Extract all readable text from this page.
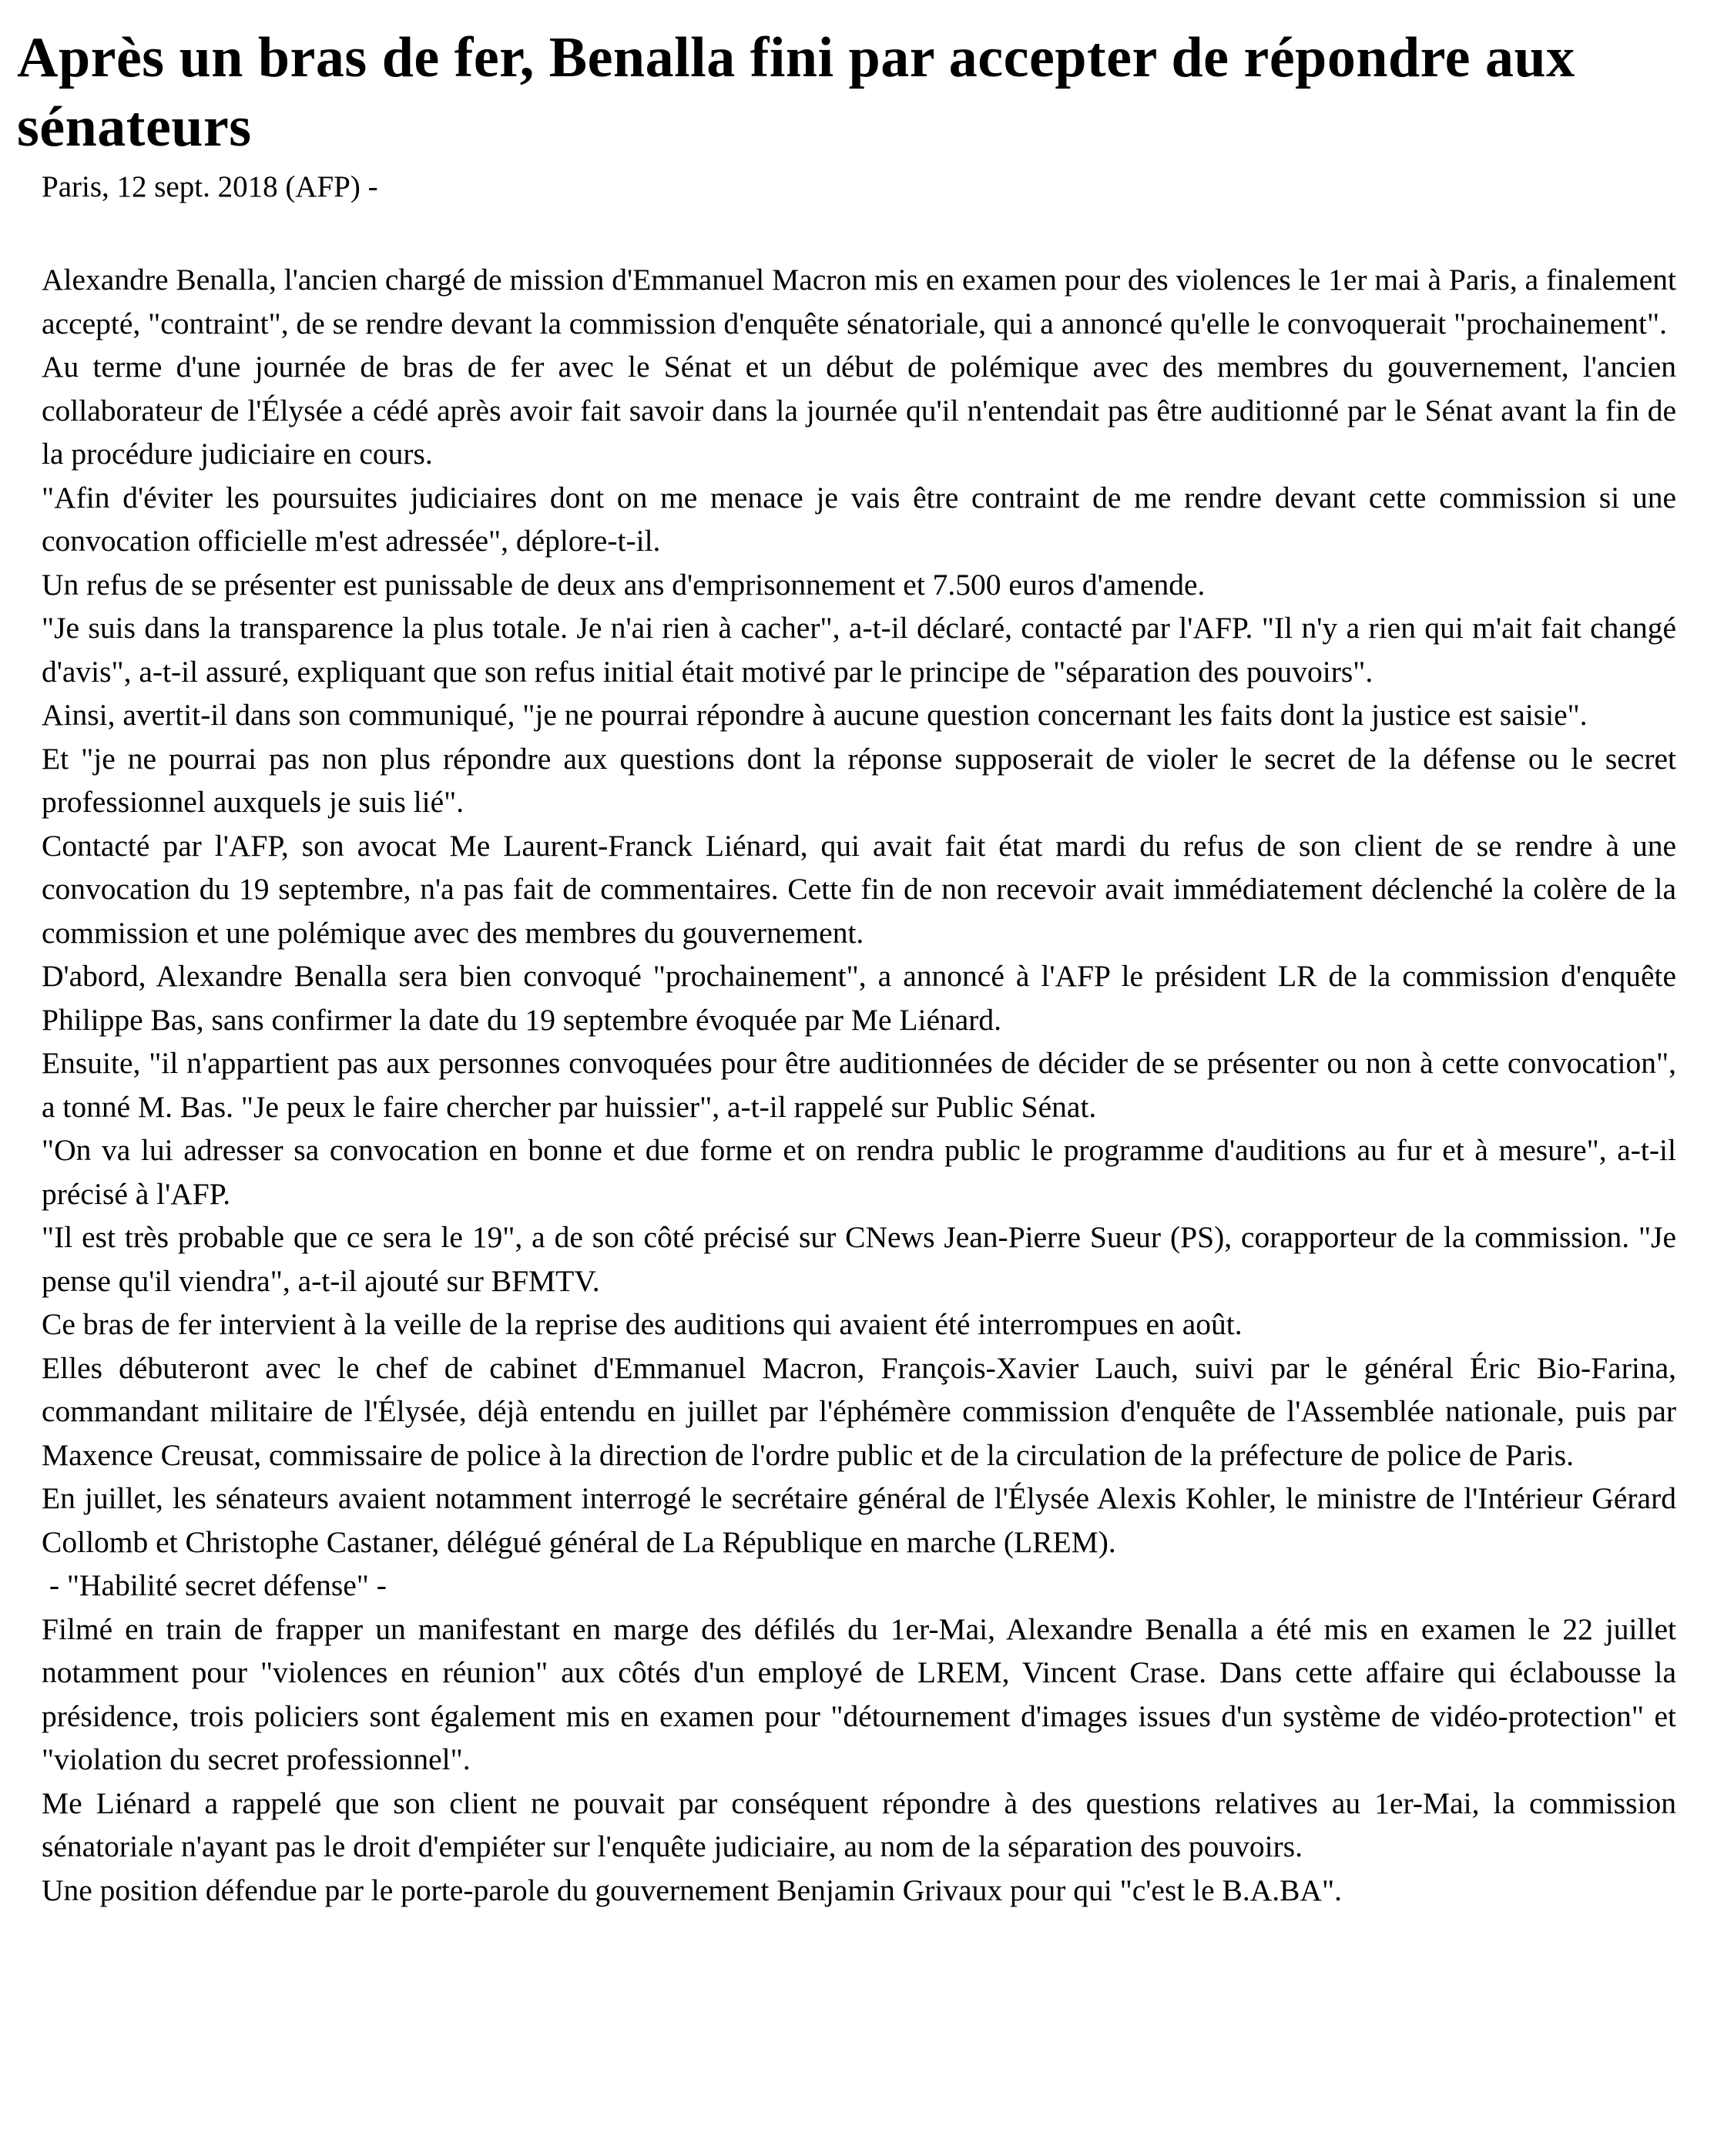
Après un bras de fer, Benalla fini par accepter de répondre aux sénateurs

Paris, 12 sept. 2018 (AFP) -

Alexandre Benalla, l'ancien chargé de mission d'Emmanuel Macron mis en examen pour des violences le 1er mai à Paris, a finalement accepté, "contraint", de se rendre devant la commission d'enquête sénatoriale, qui a annoncé qu'elle le convoquerait "prochainement".

Au terme d'une journée de bras de fer avec le Sénat et un début de polémique avec des membres du gouvernement, l'ancien collaborateur de l'Élysée a cédé après avoir fait savoir dans la journée qu'il n'entendait pas être auditionné par le Sénat avant la fin de la procédure judiciaire en cours.

"Afin d'éviter les poursuites judiciaires dont on me menace je vais être contraint de me rendre devant cette commission si une convocation officielle m'est adressée", déplore-t-il.

Un refus de se présenter est punissable de deux ans d'emprisonnement et 7.500 euros d'amende.

"Je suis dans la transparence la plus totale. Je n'ai rien à cacher", a-t-il déclaré, contacté par l'AFP. "Il n'y a rien qui m'ait fait changé d'avis", a-t-il assuré, expliquant que son refus initial était motivé par le principe de "séparation des pouvoirs".

Ainsi, avertit-il dans son communiqué, "je ne pourrai répondre à aucune question concernant les faits dont la justice est saisie".

Et "je ne pourrai pas non plus répondre aux questions dont la réponse supposerait de violer le secret de la défense ou le secret professionnel auxquels je suis lié".

Contacté par l'AFP, son avocat Me Laurent-Franck Liénard, qui avait fait état mardi du refus de son client de se rendre à une convocation du 19 septembre, n'a pas fait de commentaires. Cette fin de non recevoir avait immédiatement déclenché la colère de la commission et une polémique avec des membres du gouvernement.

D'abord, Alexandre Benalla sera bien convoqué "prochainement", a annoncé à l'AFP le président LR de la commission d'enquête Philippe Bas, sans confirmer la date du 19 septembre évoquée par Me Liénard.

Ensuite, "il n'appartient pas aux personnes convoquées pour être auditionnées de décider de se présenter ou non à cette convocation", a tonné M. Bas. "Je peux le faire chercher par huissier", a-t-il rappelé sur Public Sénat.

"On va lui adresser sa convocation en bonne et due forme et on rendra public le programme d'auditions au fur et à mesure", a-t-il précisé à l'AFP.

"Il est très probable que ce sera le 19", a de son côté précisé sur CNews Jean-Pierre Sueur (PS), corapporteur de la commission. "Je pense qu'il viendra", a-t-il ajouté sur BFMTV.

Ce bras de fer intervient à la veille de la reprise des auditions qui avaient été interrompues en août.

Elles débuteront avec le chef de cabinet d'Emmanuel Macron, François-Xavier Lauch, suivi par le général Éric Bio-Farina, commandant militaire de l'Élysée, déjà entendu en juillet par l'éphémère commission d'enquête de l'Assemblée nationale, puis par Maxence Creusat, commissaire de police à la direction de l'ordre public et de la circulation de la préfecture de police de Paris.

En juillet, les sénateurs avaient notamment interrogé le secrétaire général de l'Élysée Alexis Kohler, le ministre de l'Intérieur Gérard Collomb et Christophe Castaner, délégué général de La République en marche (LREM).

- "Habilité secret défense" -

Filmé en train de frapper un manifestant en marge des défilés du 1er-Mai, Alexandre Benalla a été mis en examen le 22 juillet notamment pour "violences en réunion" aux côtés d'un employé de LREM, Vincent Crase. Dans cette affaire qui éclabousse la présidence, trois policiers sont également mis en examen pour "détournement d'images issues d'un système de vidéo-protection" et "violation du secret professionnel".

Me Liénard a rappelé que son client ne pouvait par conséquent répondre à des questions relatives au 1er-Mai, la commission sénatoriale n'ayant pas le droit d'empiéter sur l'enquête judiciaire, au nom de la séparation des pouvoirs.

Une position défendue par le porte-parole du gouvernement Benjamin Grivaux pour qui "c'est le B.A.BA".
